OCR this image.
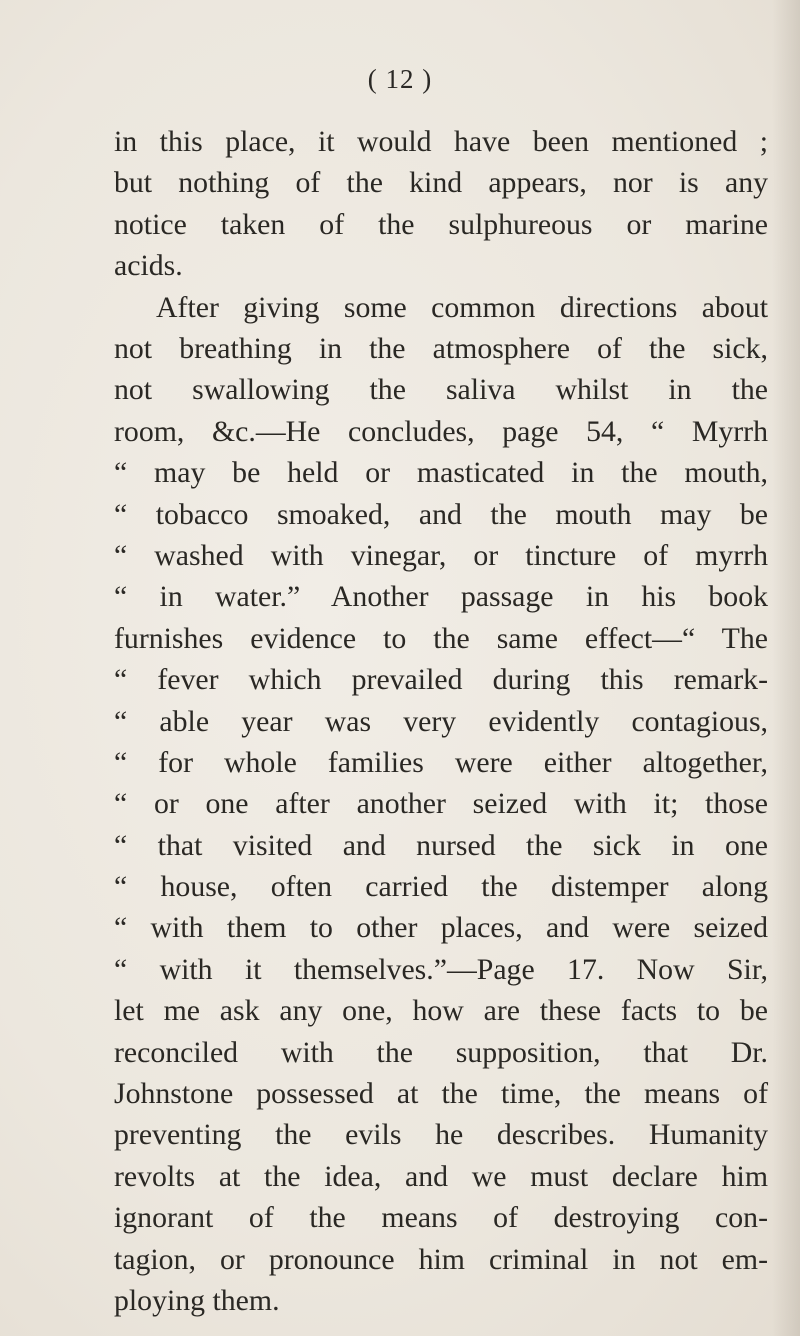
( 12 )
in this place, it would have been mentioned ;
but nothing of the kind appears, nor is any
notice taken of the sulphureous or marine
acids.
After giving some common directions about
not breathing in the atmosphere of the sick,
not swallowing the saliva whilst in the
room, &c.—He concludes, page 54, “ Myrrh
“ may be held or masticated in the mouth,
“ tobacco smoaked, and the mouth may be
“ washed with vinegar, or tincture of myrrh
“ in water.” Another passage in his book
furnishes evidence to the same effect—“ The
“ fever which prevailed during this remark-
“ able year was very evidently contagious,
“ for whole families were either altogether,
“ or one after another seized with it; those
“ that visited and nursed the sick in one
“ house, often carried the distemper along
“ with them to other places, and were seized
“ with it themselves.”—Page 17. Now Sir,
let me ask any one, how are these facts to be
reconciled with the supposition, that Dr.
Johnstone possessed at the time, the means of
preventing the evils he describes. Humanity
revolts at the idea, and we must declare him
ignorant of the means of destroying con-
tagion, or pronounce him criminal in not em-
ploying them.
